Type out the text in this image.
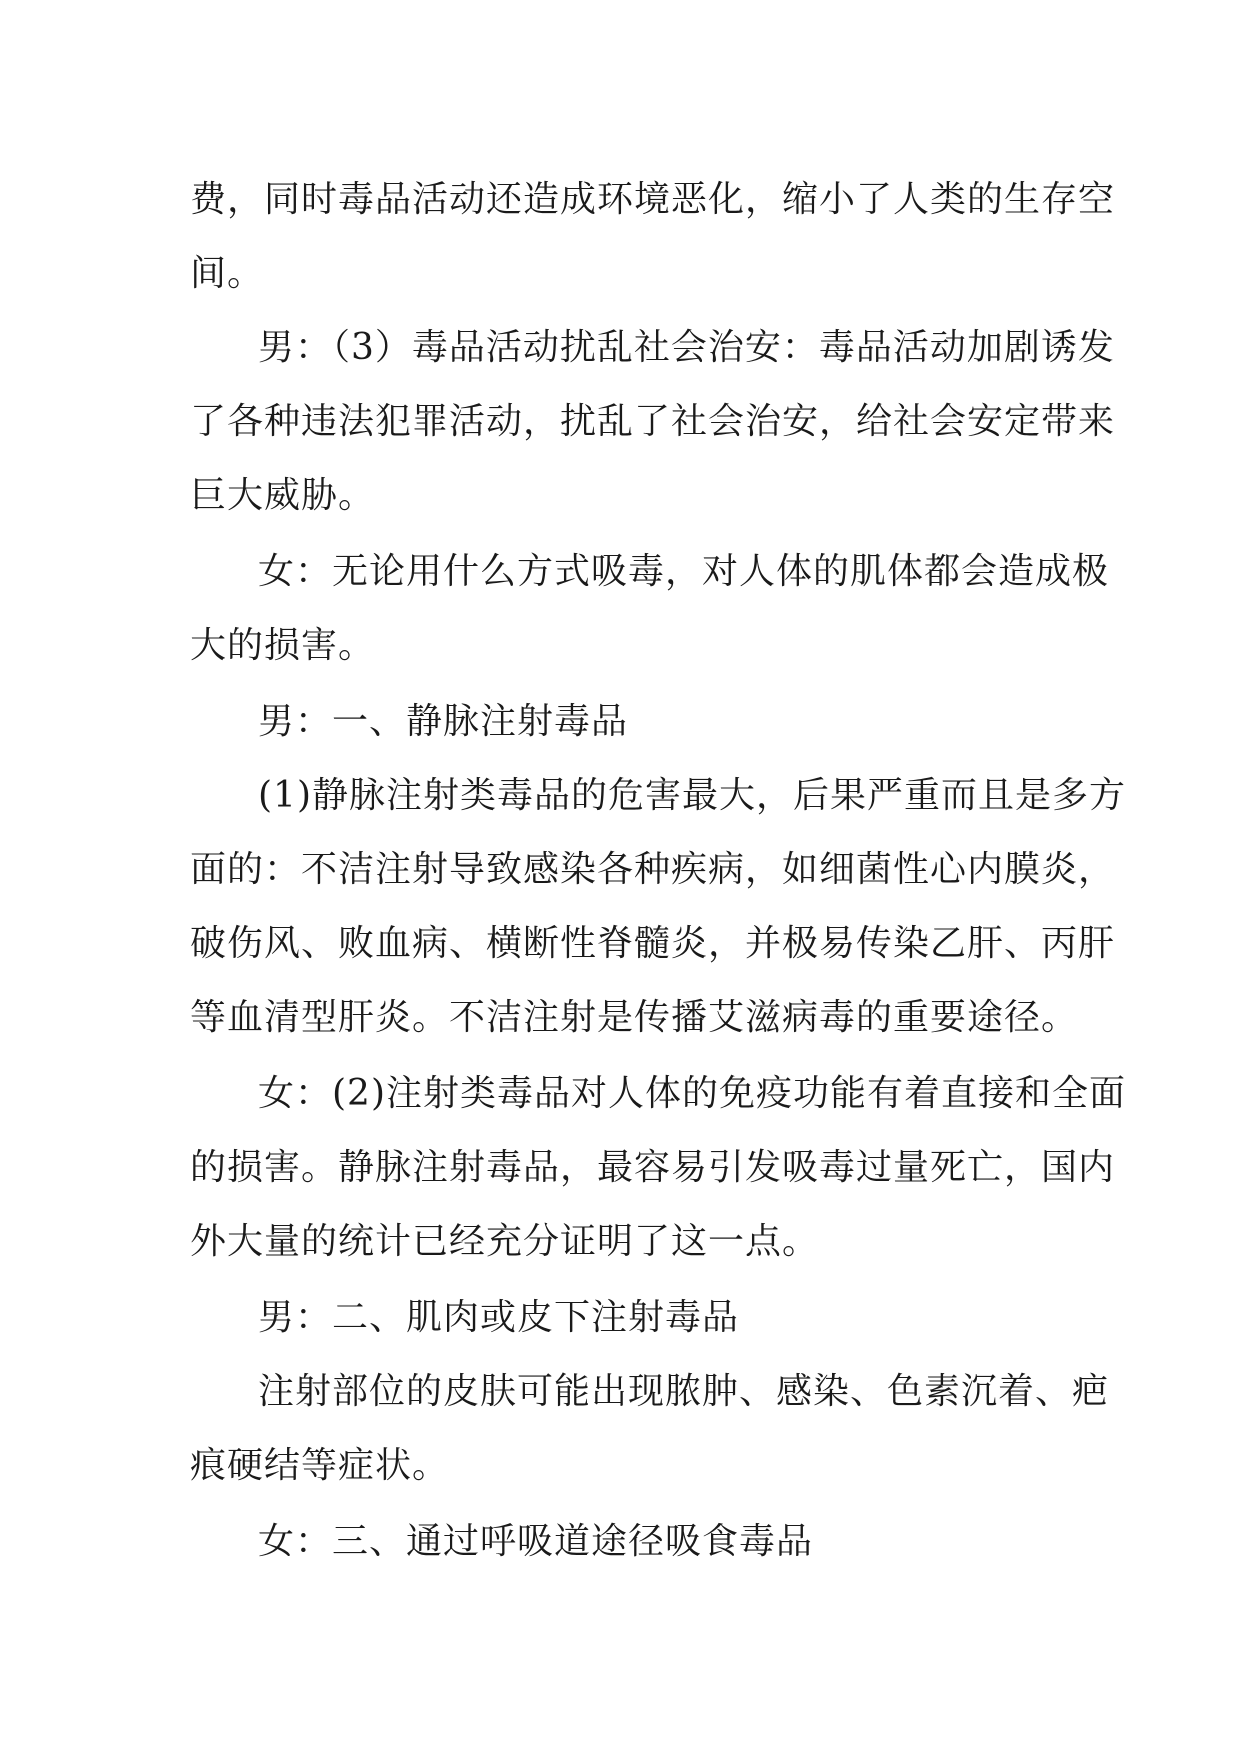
费，同时毒品活动还造成环境恶化，缩小了人类的生存空
间。
男：（3）毒品活动扰乱社会治安：毒品活动加剧诱发
了各种违法犯罪活动，扰乱了社会治安，给社会安定带来
巨大威胁。
女：无论用什么方式吸毒，对人体的肌体都会造成极
大的损害。
男：一、静脉注射毒品
(1)静脉注射类毒品的危害最大，后果严重而且是多方
面的：不洁注射导致感染各种疾病，如细菌性心内膜炎，
破伤风、败血病、横断性脊髓炎，并极易传染乙肝、丙肝
等血清型肝炎。不洁注射是传播艾滋病毒的重要途径。
女：(2)注射类毒品对人体的免疫功能有着直接和全面
的损害。静脉注射毒品，最容易引发吸毒过量死亡，国内
外大量的统计已经充分证明了这一点。
男：二、肌肉或皮下注射毒品
注射部位的皮肤可能出现脓肿、感染、色素沉着、疤
痕硬结等症状。
女：三、通过呼吸道途径吸食毒品
